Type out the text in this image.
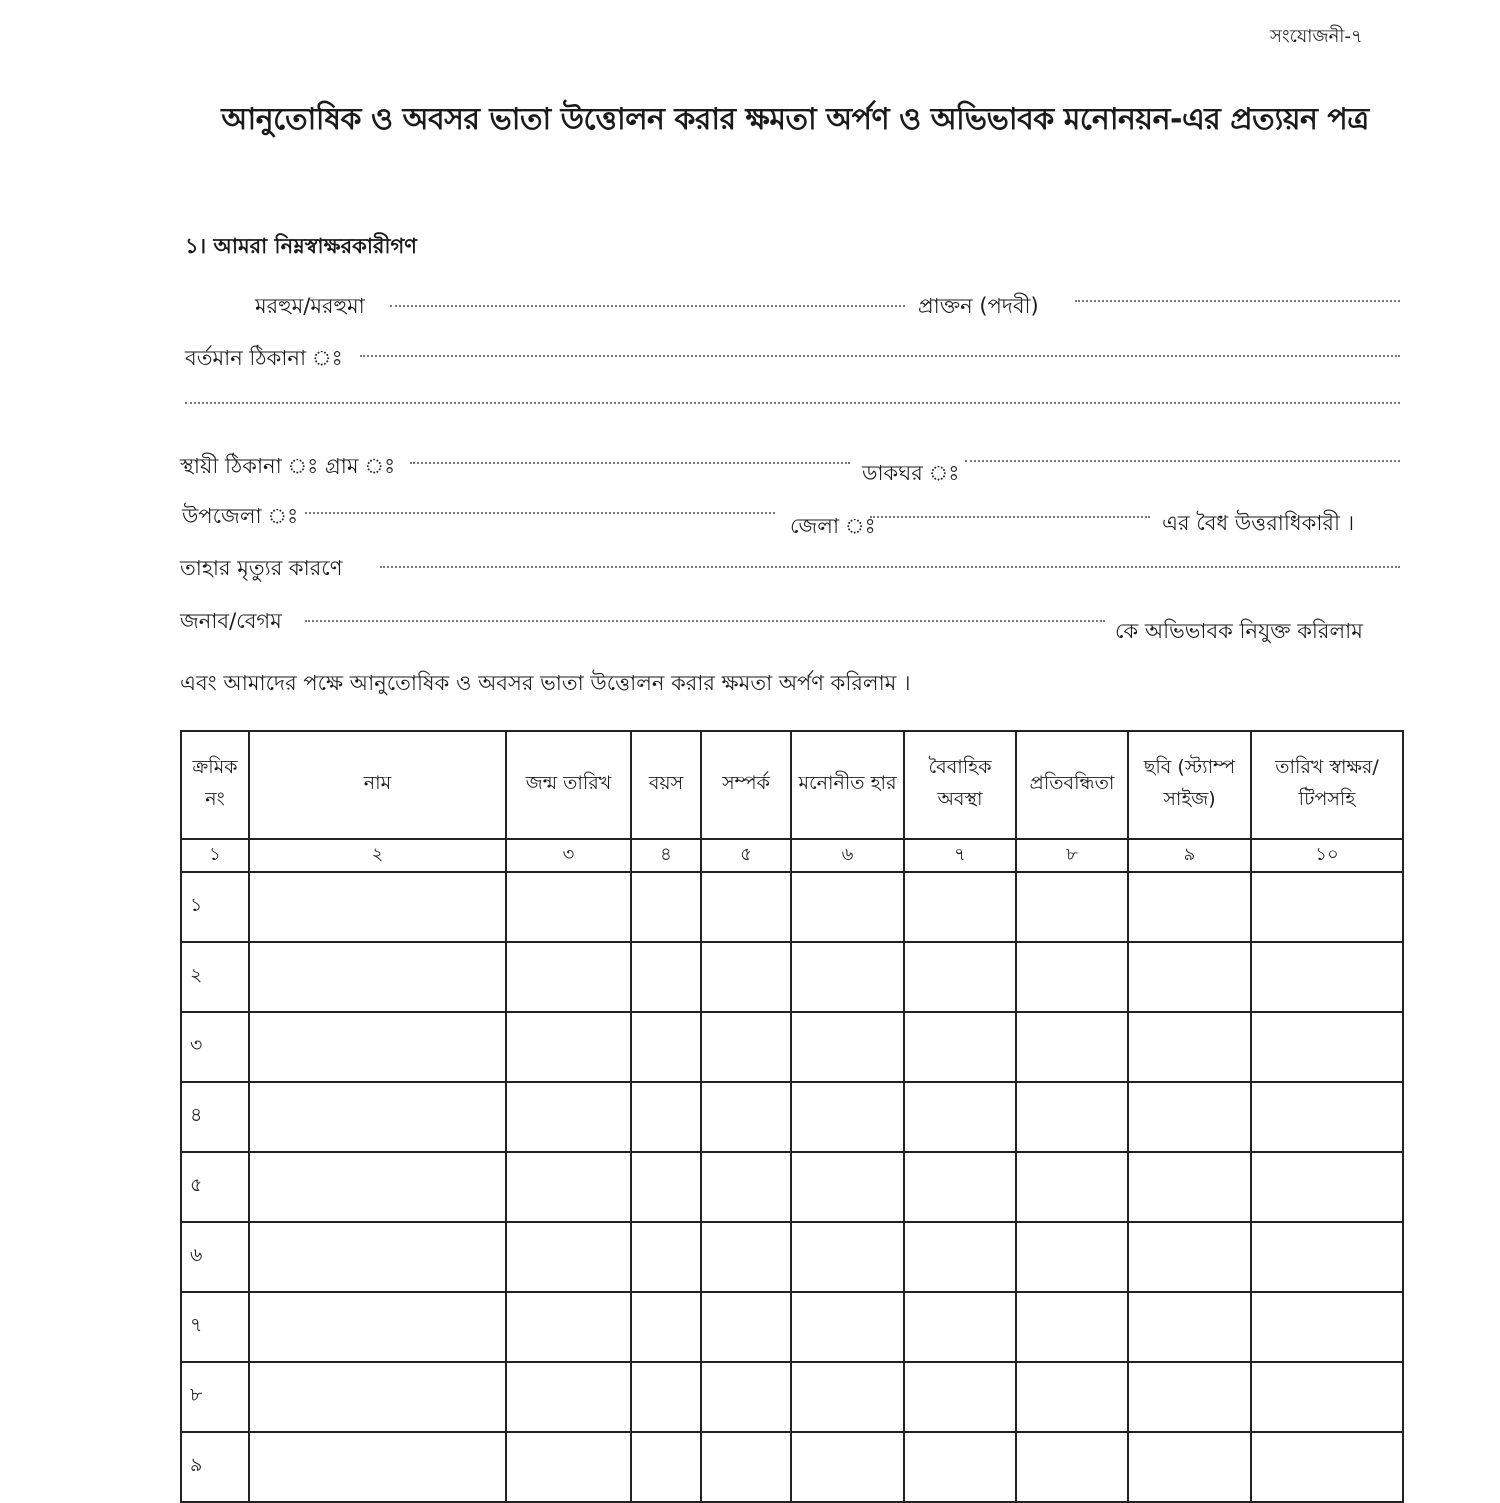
সংযোজনী-৭
আনুতোষিক ও অবসর ভাতা উত্তোলন করার ক্ষমতা অর্পণ ও অভিভাবক মনোনয়ন-এর প্রত্যয়ন পত্র
১। আমরা নিম্নস্বাক্ষরকারীগণ
মরহুম/মরহুমা	প্রাক্তন (পদবী)
বর্তমান ঠিকানা ঃ
স্থায়ী ঠিকানা ঃ গ্রাম ঃ	ডাকঘর ঃ
উপজেলা ঃ	জেলা ঃ	এর বৈধ উত্তরাধিকারী ।
তাহার মৃত্যুর কারণে
জনাব/বেগম	কে অভিভাবক নিযুক্ত করিলাম
এবং আমাদের পক্ষে আনুতোষিক ও অবসর ভাতা উত্তোলন করার ক্ষমতা অর্পণ করিলাম ।
ক্রমিক নং	নাম	জন্ম তারিখ	বয়স	সম্পর্ক	মনোনীত হার	বৈবাহিক অবস্থা	প্রতিবন্ধিতা	ছবি (স্ট্যাম্প সাইজ)	তারিখ স্বাক্ষর/ টিপসহি
১	২	৩	৪	৫	৬	৭	৮	৯	১০
১									
২									
৩									
৪									
৫									
৬									
৭									
৮									
৯									
